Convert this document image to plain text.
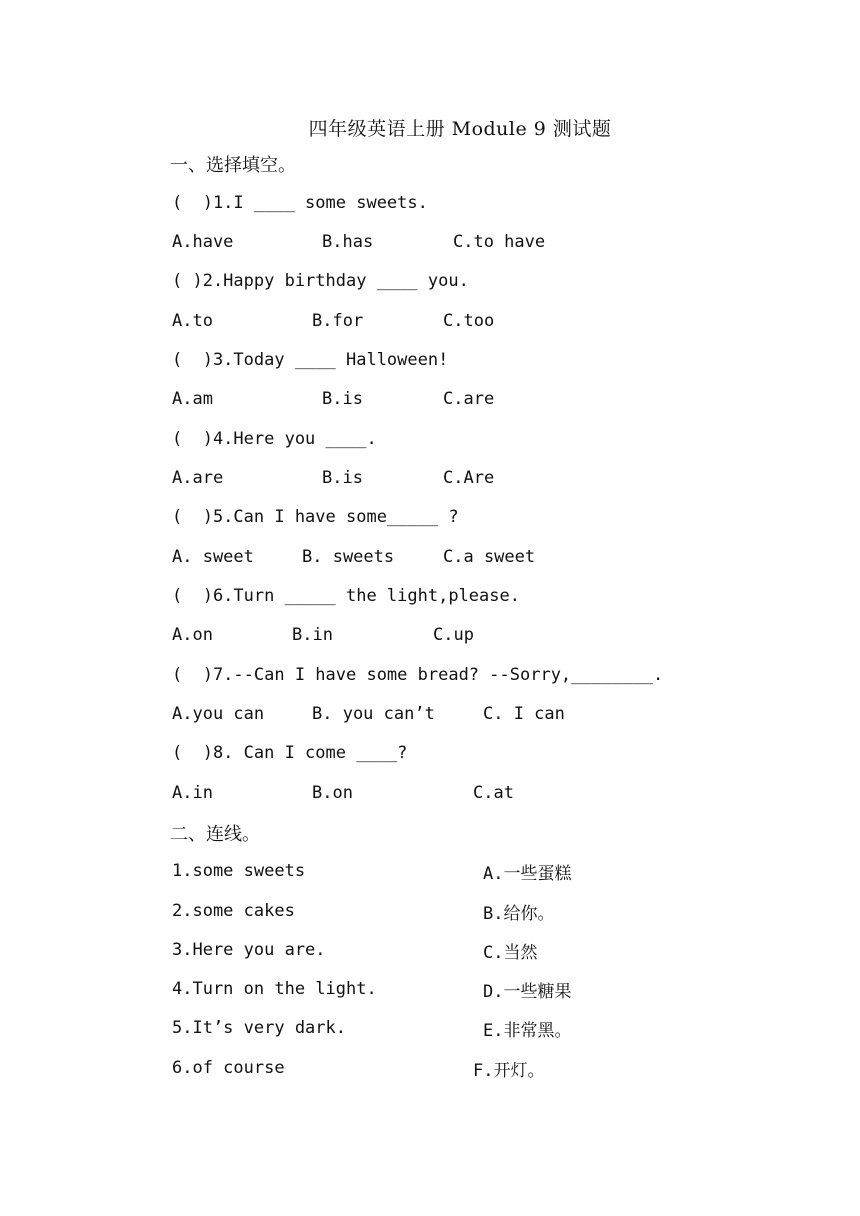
四年级英语上册 Module 9 测试题
一、选择填空。
(  )1.I ____ some sweets.
A.have	B.has	C.to have
( )2.Happy birthday ____ you.
A.to	B.for	C.too
(  )3.Today ____ Halloween!
A.am	B.is	C.are
(  )4.Here you ____.
A.are	B.is	C.Are
(  )5.Can I have some_____ ?
A. sweet	B. sweets	C.a sweet
(  )6.Turn _____ the light,please.
A.on	B.in	C.up
(  )7.--Can I have some bread? --Sorry,________.
A.you can	B. you can’t	C. I can
(  )8. Can I come ____?
A.in	B.on	C.at
二、连线。
1.some sweets	A.一些蛋糕
2.some cakes	B.给你。
3.Here you are.	C.当然
4.Turn on the light.	D.一些糖果
5.It’s very dark.	E.非常黑。
6.of course	F.开灯。
